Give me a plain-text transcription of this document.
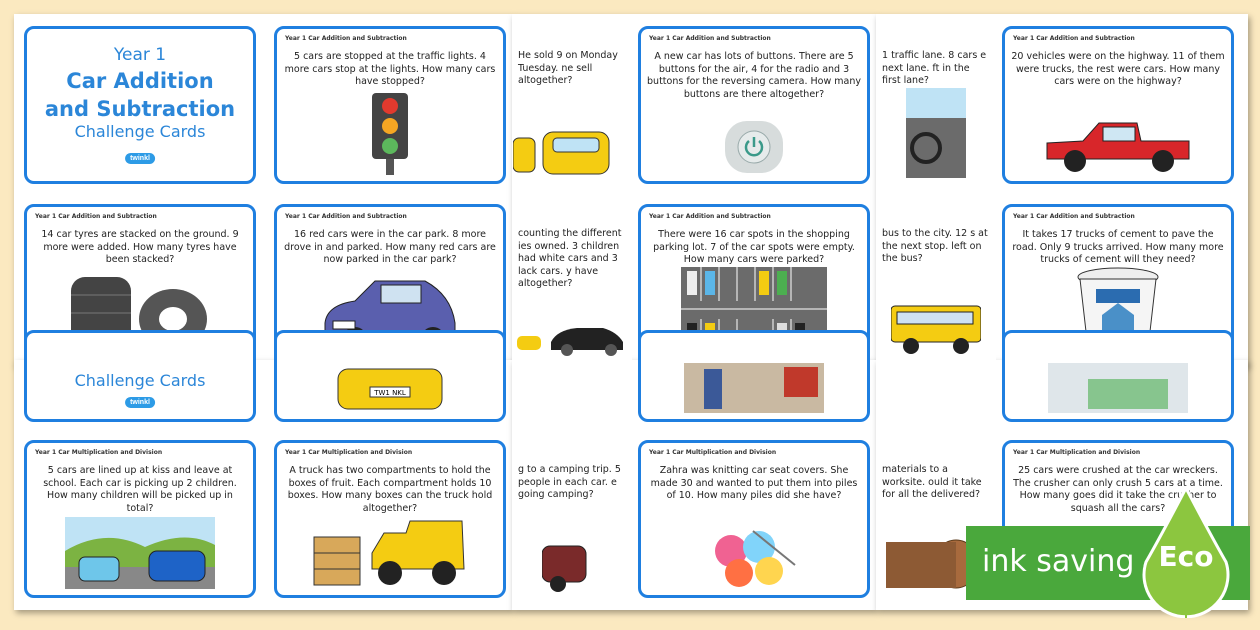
Year 1
Car Addition
and Subtraction
Challenge Cards
twinkl
Year 1 Car Addition and Subtraction
5 cars are stopped at the traffic lights. 4 more cars stop at the lights. How many cars have stopped?
He sold 9 on Monday Tuesday. ne sell altogether?
Year 1 Car Addition and Subtraction
A new car has lots of buttons. There are 5 buttons for the air, 4 for the radio and 3 buttons for the reversing camera. How many buttons are there altogether?
1 traffic lane. 8 cars e next lane. ft in the first lane?
Year 1 Car Addition and Subtraction
20 vehicles were on the highway. 11 of them were trucks, the rest were cars. How many cars were on the highway?
Year 1 Car Addition and Subtraction
14 car tyres are stacked on the ground. 9 more were added. How many tyres have been stacked?
Year 1 Car Addition and Subtraction
16 red cars were in the car park. 8 more drove in and parked. How many red cars are now parked in the car park?
counting the different ies owned. 3 children had white cars and 3 lack cars. y have altogether?
Year 1 Car Addition and Subtraction
There were 16 car spots in the shopping parking lot. 7 of the car spots were empty. How many cars were parked?
bus to the city. 12 s at the next stop. left on the bus?
Year 1 Car Addition and Subtraction
It takes 17 trucks of cement to pave the road. Only 9 trucks arrived. How many more trucks of cement will they need?
Challenge Cards
twinkl
TW1 NKL
Year 1 Car Multiplication and Division
5 cars are lined up at kiss and leave at school. Each car is picking up 2 children. How many children will be picked up in total?
Year 1 Car Multiplication and Division
A truck has two compartments to hold the boxes of fruit. Each compartment holds 10 boxes. How many boxes can the truck hold altogether?
g to a camping trip. 5 people in each car. e going camping?
Year 1 Car Multiplication and Division
Zahra was knitting car seat covers. She made 30 and wanted to put them into piles of 10. How many piles did she have?
materials to a worksite. ould it take for all the delivered?
Year 1 Car Multiplication and Division
25 cars were crushed at the car wreckers. The crusher can only crush 5 cars at a time. How many goes did it take the crusher to squash all the cars?
ink saving Eco
